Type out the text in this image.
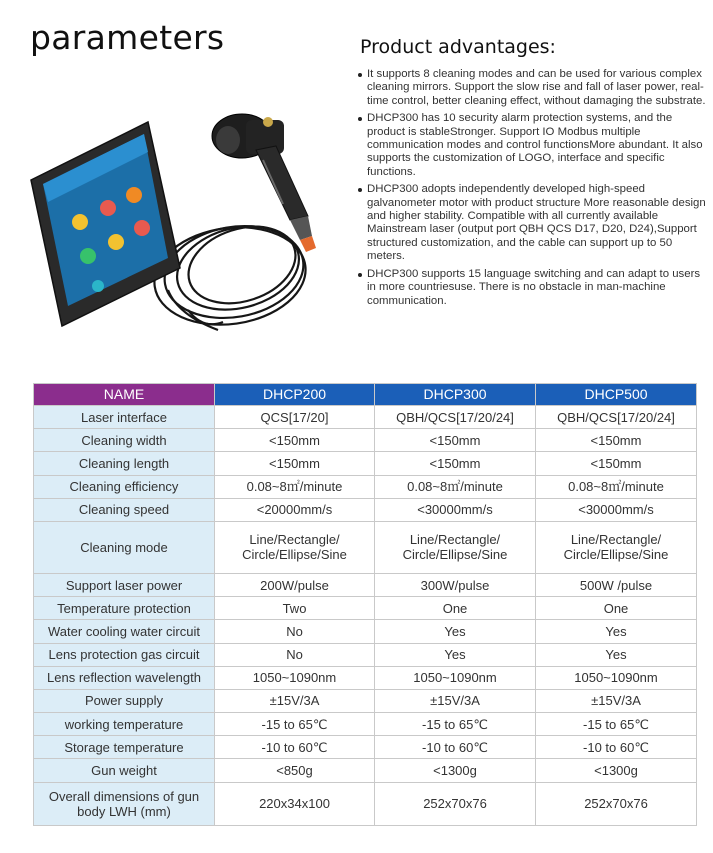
parameters	Product advantages:
It supports 8 cleaning modes and can be used for various complex cleaning mirrors. Support the slow rise and fall of laser power, real-time control, better cleaning effect, without damaging the substrate.
DHCP300 has 10 security alarm protection systems, and the product is stableStronger. Support IO Modbus multiple communication modes and control functionsMore abundant. It also supports the customization of LOGO, interface and specific functions.
DHCP300 adopts independently developed high-speed galvanometer motor with product structure More reasonable design and higher stability. Compatible with all currently available Mainstream laser (output port QBH QCS D17, D20, D24),Support structured customization, and the cable can support up to 50 meters.
DHCP300 supports 15 language switching and can adapt to users in more countriesuse. There is no obstacle in man-machine communication.
NAME	DHCP200	DHCP300	DHCP500
Laser interface	QCS[17/20]	QBH/QCS[17/20/24]	QBH/QCS[17/20/24]
Cleaning width	<150mm	<150mm	<150mm
Cleaning length	<150mm	<150mm	<150mm
Cleaning efficiency	0.08~8㎡/minute	0.08~8㎡/minute	0.08~8㎡/minute
Cleaning speed	<20000mm/s	<30000mm/s	<30000mm/s
Cleaning mode	Line/Rectangle/ Circle/Ellipse/Sine	Line/Rectangle/ Circle/Ellipse/Sine	Line/Rectangle/ Circle/Ellipse/Sine
Support laser power	200W/pulse	300W/pulse	500W /pulse
Temperature protection	Two	One	One
Water cooling water circuit	No	Yes	Yes
Lens protection gas circuit	No	Yes	Yes
Lens reflection wavelength	1050~1090nm	1050~1090nm	1050~1090nm
Power supply	±15V/3A	±15V/3A	±15V/3A
working temperature	-15 to 65℃	-15 to 65℃	-15 to 65℃
Storage temperature	-10 to 60℃	-10 to 60℃	-10 to 60℃
Gun weight	<850g	<1300g	<1300g
Overall dimensions of gun body LWH (mm)	220x34x100	252x70x76	252x70x76
